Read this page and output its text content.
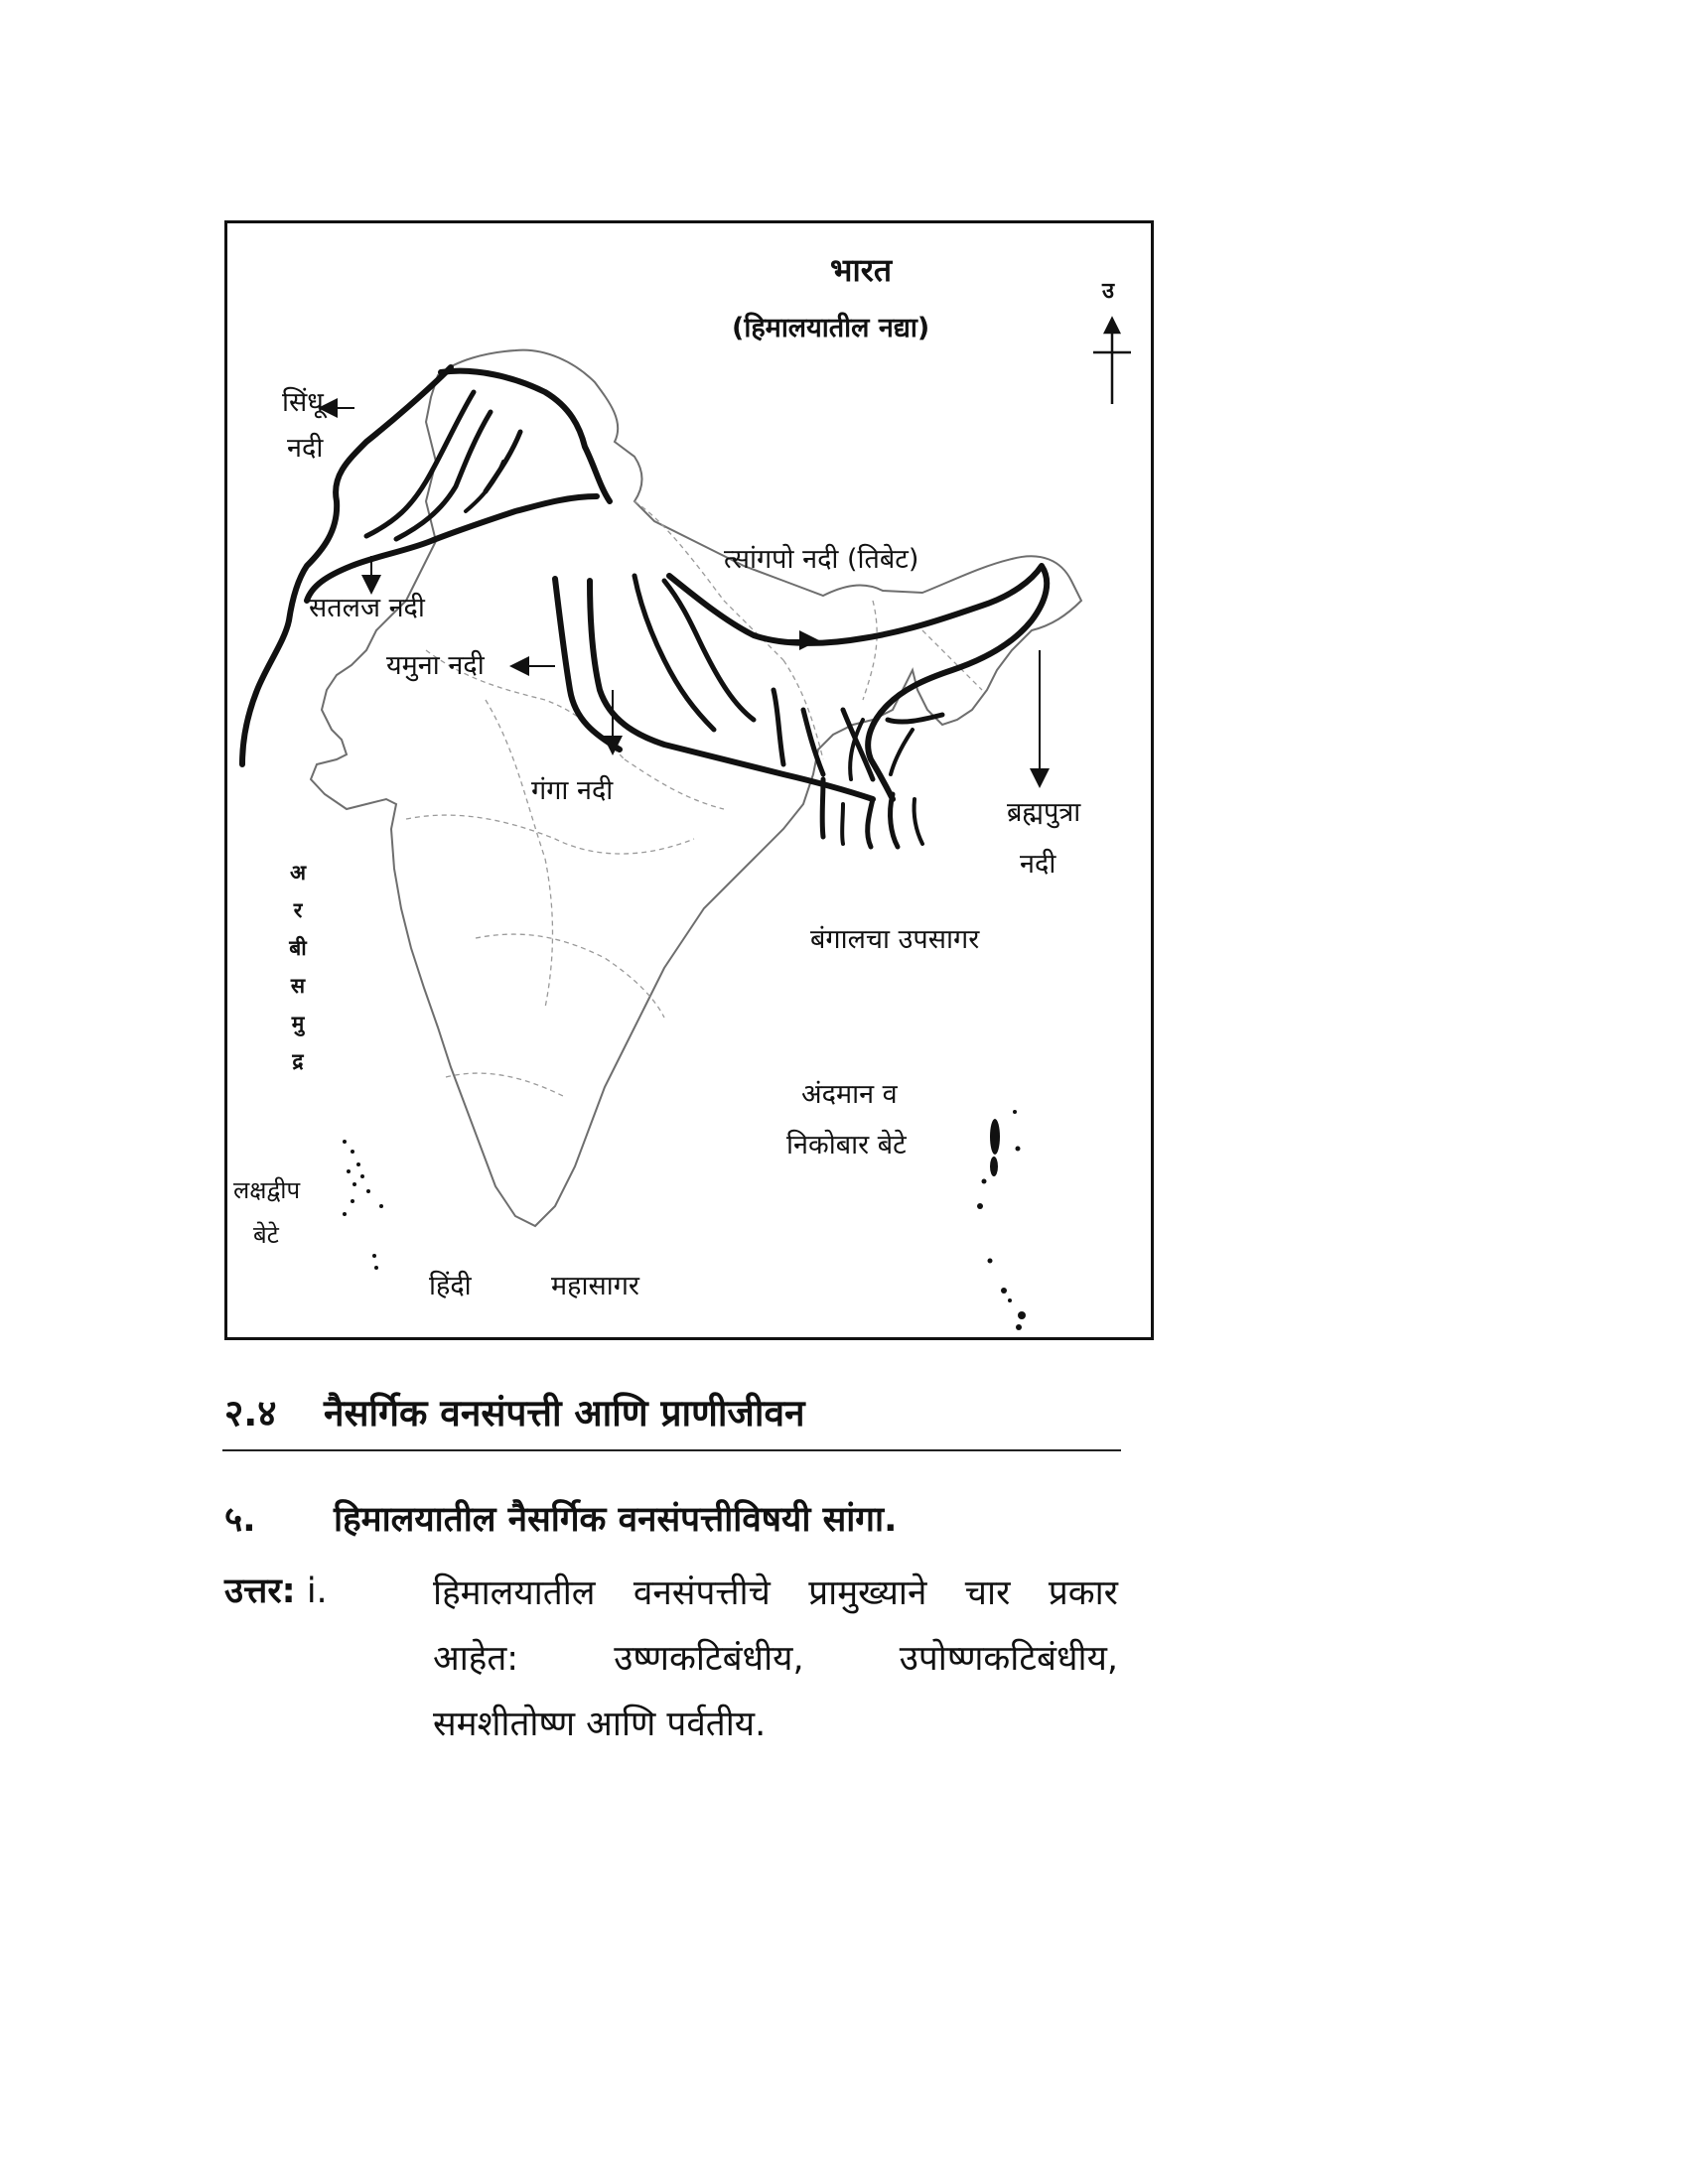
भारत
(हिमालयातील नद्या)
उ
सिंधू
नदी
सतलज नदी
यमुना नदी
गंगा नदी
त्सांगपो नदी (तिबेट)
ब्रह्मपुत्रा
नदी
बंगालचा उपसागर
अ
र
बी
स
मु
द्र
अंदमान व
निकोबार बेटे
लक्षद्वीप
बेटे
हिंदी	महासागर
२.४ नैसर्गिक वनसंपत्ती आणि प्राणीजीवन
५. हिमालयातील नैसर्गिक वनसंपत्तीविषयी सांगा.
उत्तर: i.	हिमालयातील वनसंपत्तीचे प्रामुख्याने चार प्रकार

आहेत: उष्णकटिबंधीय, उपोष्णकटिबंधीय,

समशीतोष्ण आणि पर्वतीय.
